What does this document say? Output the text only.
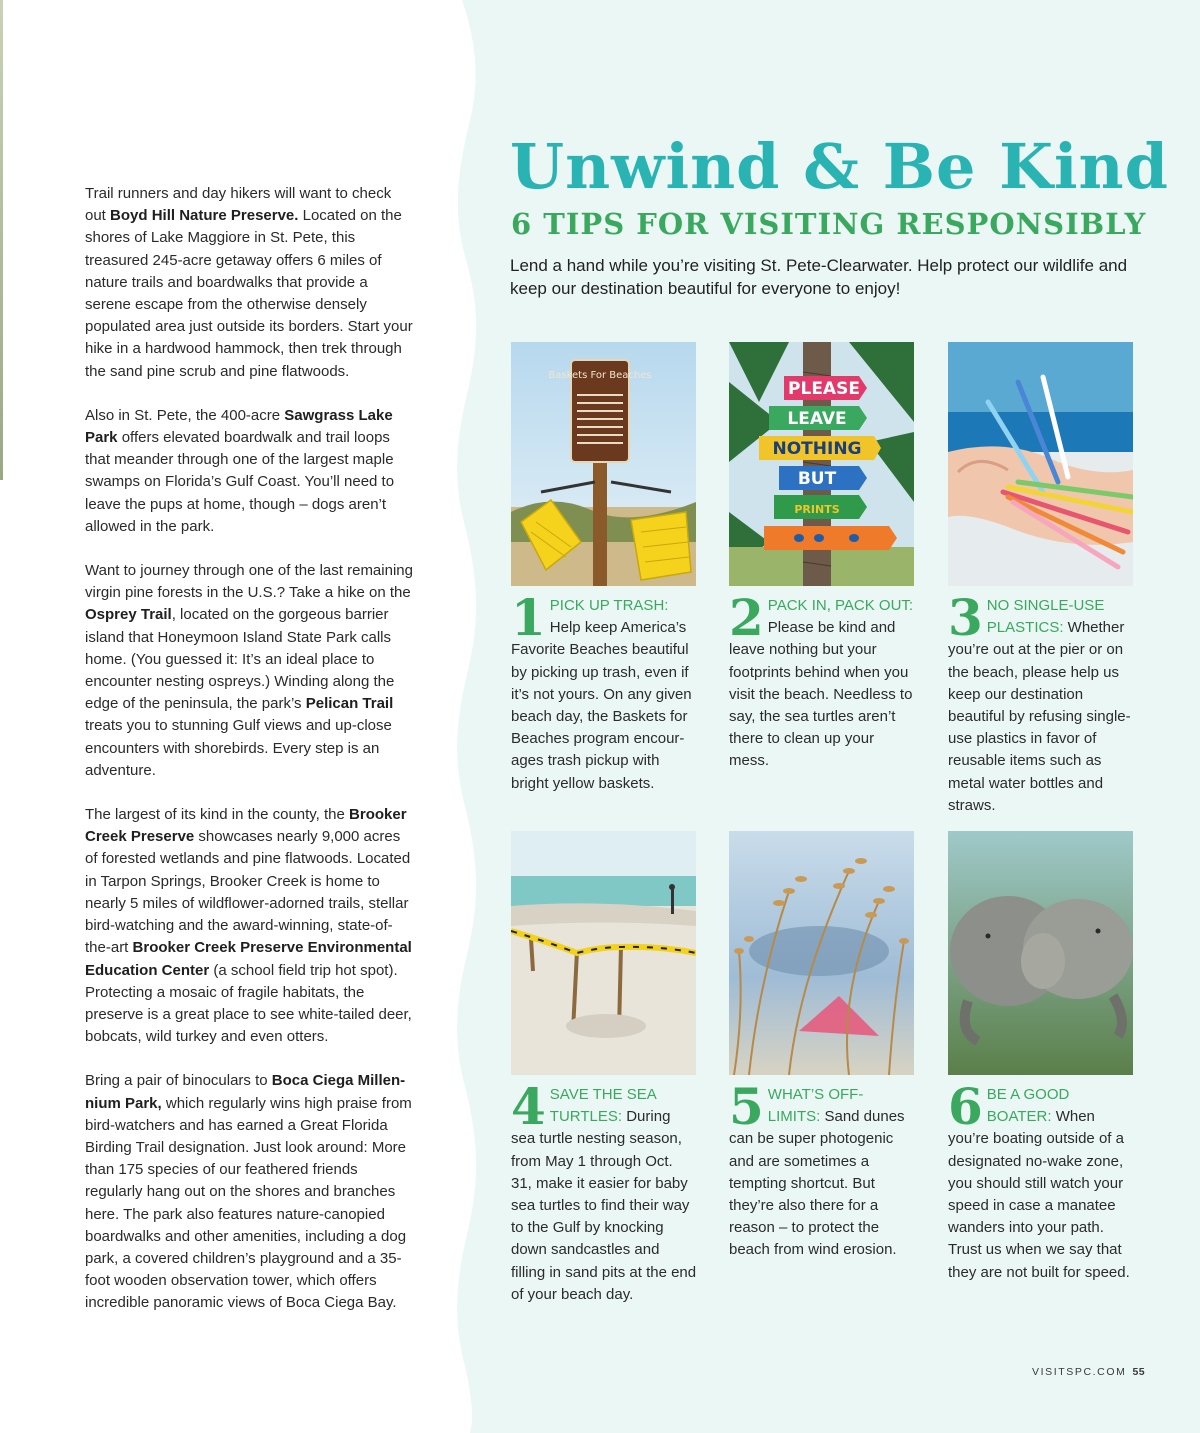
Trail runners and day hikers will want to check out Boyd Hill Nature Preserve. Located on the shores of Lake Maggiore in St. Pete, this treasured 245-acre getaway offers 6 miles of nature trails and boardwalks that provide a serene escape from the otherwise densely populated area just outside its borders. Start your hike in a hardwood hammock, then trek through the sand pine scrub and pine flatwoods.

Also in St. Pete, the 400-acre Sawgrass Lake Park offers elevated boardwalk and trail loops that meander through one of the largest maple swamps on Florida’s Gulf Coast. You’ll need to leave the pups at home, though – dogs aren’t allowed in the park.

Want to journey through one of the last remaining virgin pine forests in the U.S.? Take a hike on the Osprey Trail, located on the gorgeous barrier island that Honeymoon Island State Park calls home. (You guessed it: It’s an ideal place to encounter nesting ospreys.) Winding along the edge of the peninsula, the park’s Pelican Trail treats you to stunning Gulf views and up-close encounters with shorebirds. Every step is an adventure.

The largest of its kind in the county, the Brooker Creek Preserve showcases nearly 9,000 acres of forested wetlands and pine flatwoods. Located in Tarpon Springs, Brooker Creek is home to nearly 5 miles of wildflower-adorned trails, stellar bird-watching and the award-winning, state-of-the-art Brooker Creek Preserve Environmental Education Center (a school field trip hot spot). Protecting a mosaic of fragile habitats, the preserve is a great place to see white-tailed deer, bobcats, wild turkey and even otters.

Bring a pair of binoculars to Boca Ciega Millen-nium Park, which regularly wins high praise from bird-watchers and has earned a Great Florida Birding Trail designation. Just look around: More than 175 species of our feathered friends regularly hang out on the shores and branches here. The park also features nature-canopied boardwalks and other amenities, including a dog park, a covered children’s playground and a 35-foot wooden observation tower, which offers incredible panoramic views of Boca Ciega Bay.

Unwind & Be Kind
6 TIPS FOR VISITING RESPONSIBLY

Lend a hand while you’re visiting St. Pete-Clearwater. Help protect our wildlife and keep our destination beautiful for everyone to enjoy!

Baskets For Beaches
1 PICK UP TRASH: Help keep America’s Favorite Beaches beautiful by picking up trash, even if it’s not yours. On any given beach day, the Baskets for Beaches program encour-ages trash pickup with bright yellow baskets.
PLEASE
LEAVE
NOTHING
BUT
PRINTS
2 PACK IN, PACK OUT: Please be kind and leave nothing but your footprints behind when you visit the beach. Needless to say, the sea turtles aren’t there to clean up your mess.
3 NO SINGLE-USE PLASTICS: Whether you’re out at the pier or on the beach, please help us keep our destination beautiful by refusing single-use plastics in favor of reusable items such as metal water bottles and straws.
4 SAVE THE SEA TURTLES: During sea turtle nesting season, from May 1 through Oct. 31, make it easier for baby sea turtles to find their way to the Gulf by knocking down sandcastles and filling in sand pits at the end of your beach day.
5 WHAT’S OFF-LIMITS: Sand dunes can be super photogenic and are sometimes a tempting shortcut. But they’re also there for a reason – to protect the beach from wind erosion.
6 BE A GOOD BOATER: When you’re boating outside of a designated no-wake zone, you should still watch your speed in case a manatee wanders into your path. Trust us when we say that they are not built for speed.
VISITSPC.COM 55
